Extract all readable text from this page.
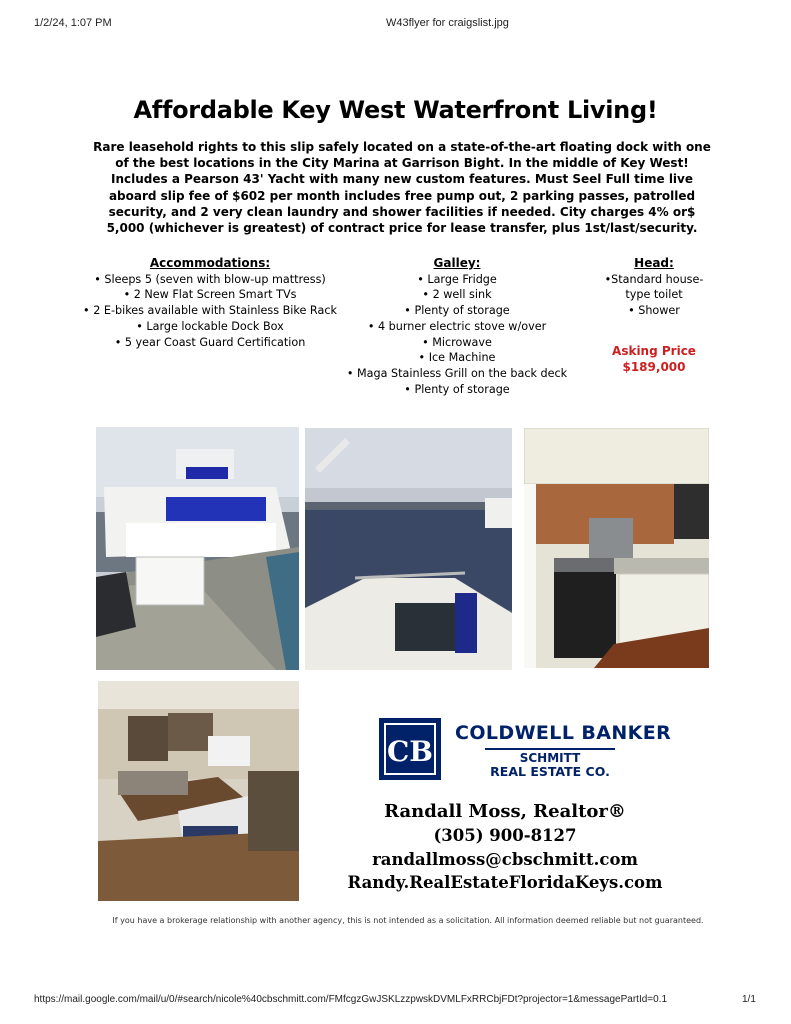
1/2/24, 1:07 PM	W43flyer for craigslist.jpg
Affordable Key West Waterfront Living!

Rare leasehold rights to this slip safely located on a state-of-the-art floating dock with one of the best locations in the City Marina at Garrison Bight. In the middle of Key West!

Includes a Pearson 43' Yacht with many new custom features. Must Seel Full time live aboard slip fee of $602 per month includes free pump out, 2 parking passes, patrolled security, and 2 very clean laundry and shower facilities if needed. City charges 4% or$ 5,000 (whichever is greatest) of contract price for lease transfer, plus 1st/last/security.

Accommodations:
• Sleeps 5 (seven with blow-up mattress)
• 2 New Flat Screen Smart TVs
• 2 E-bikes available with Stainless Bike Rack
• Large lockable Dock Box
• 5 year Coast Guard Certification
Galley:
• Large Fridge
• 2 well sink
• Plenty of storage
• 4 burner electric stove w/over
• Microwave
• Ice Machine
• Maga Stainless Grill on the back deck
• Plenty of storage
Head:
•Standard house-type toilet
• Shower
Asking Price
$189,000
CB
COLDWELL BANKER
SCHMITT
REAL ESTATE CO.
Randall Moss, Realtor®
(305) 900-8127
randallmoss@cbschmitt.com
Randy.RealEstateFloridaKeys.com
If you have a brokerage relationship with another agency, this is not intended as a solicitation. All information deemed reliable but not guaranteed.
https://mail.google.com/mail/u/0/#search/nicole%40cbschmitt.com/FMfcgzGwJSKLzzpwskDVMLFxRRCbjFDt?projector=1&messagePartId=0.1	1/1
